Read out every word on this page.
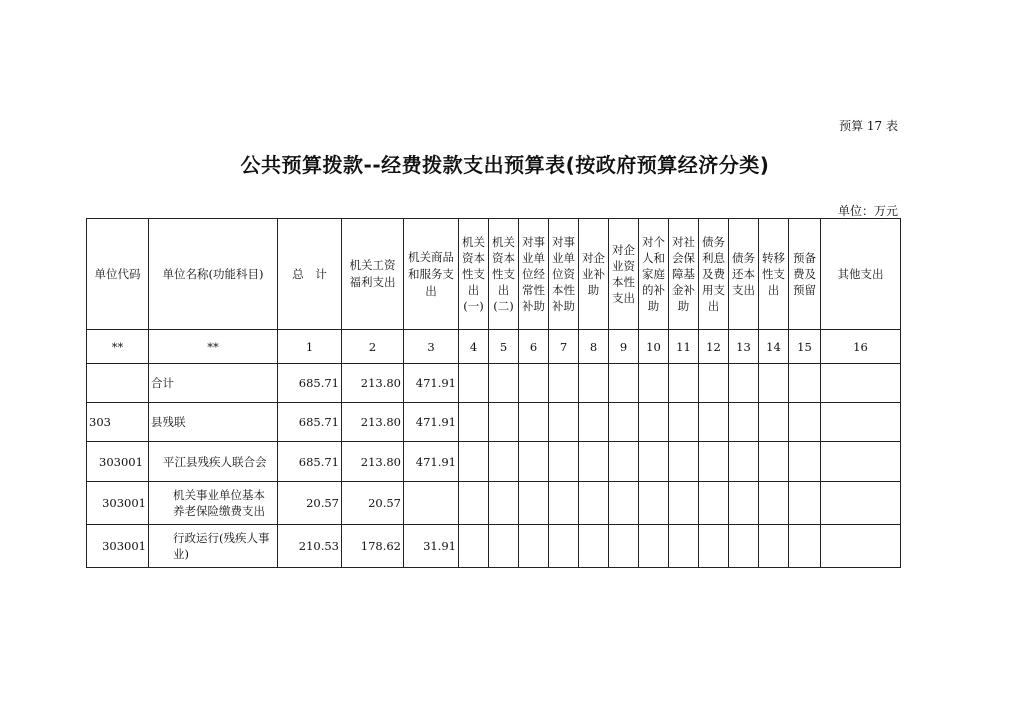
预算 17 表
公共预算拨款--经费拨款支出预算表(按政府预算经济分类)
单位：万元
单位代码	单位名称(功能科目)	总　计	机关工资福利支出	机关商品和服务支出	机关资本性支出(一)	机关资本性支出(二)	对事业单位经常性补助	对事业单位资本性补助	对企业补助	对企业资本性支出	对个人和家庭的补助	对社会保障基金补助	债务利息及费用支出	债务还本支出	转移性支出	预备费及预留	其他支出
**	**	1	2	3	4	5	6	7	8	9	10	11	12	13	14	15	16
	合计	685.71	213.80	471.91													
303	县残联	685.71	213.80	471.91													
303001	平江县残疾人联合会	685.71	213.80	471.91													
303001	机关事业单位基本养老保险缴费支出	20.57	20.57														
303001	行政运行(残疾人事业)	210.53	178.62	31.91													
